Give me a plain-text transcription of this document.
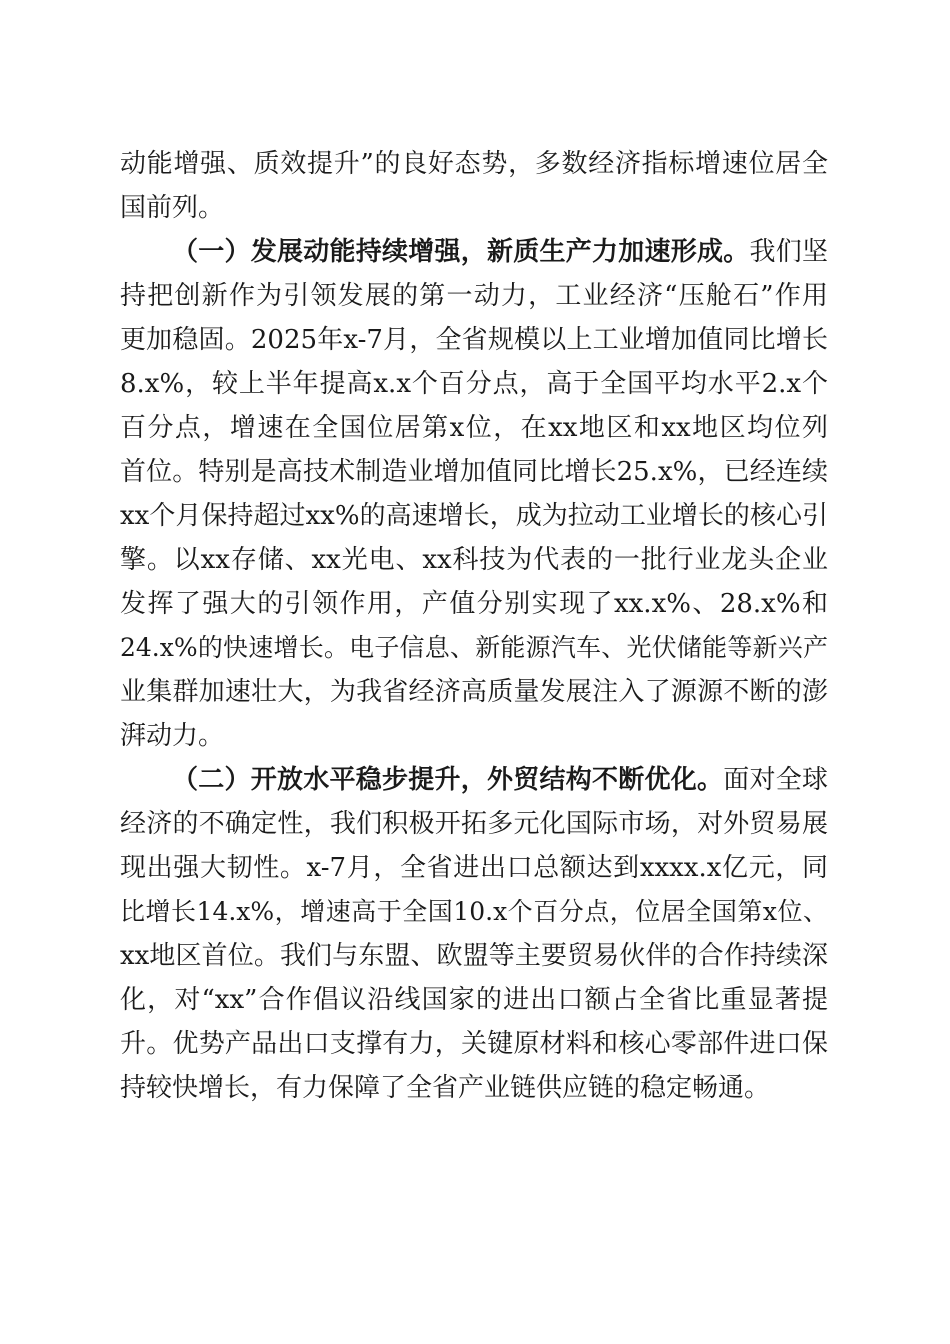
动能增强、质效提升”的良好态势，多数经济指标增速位居全
国前列。
（一）发展动能持续增强，新质生产力加速形成。我们坚
持把创新作为引领发展的第一动力，工业经济“压舱石”作用
更加稳固。2025年x-7月，全省规模以上工业增加值同比增长
8.x%，较上半年提高x.x个百分点，高于全国平均水平2.x个
百分点，增速在全国位居第x位，在xx地区和xx地区均位列
首位。特别是高技术制造业增加值同比增长25.x%，已经连续
xx个月保持超过xx%的高速增长，成为拉动工业增长的核心引
擎。以xx存储、xx光电、xx科技为代表的一批行业龙头企业
发挥了强大的引领作用，产值分别实现了xx.x%、28.x%和
24.x%的快速增长。电子信息、新能源汽车、光伏储能等新兴产
业集群加速壮大，为我省经济高质量发展注入了源源不断的澎
湃动力。
（二）开放水平稳步提升，外贸结构不断优化。面对全球
经济的不确定性，我们积极开拓多元化国际市场，对外贸易展
现出强大韧性。x-7月，全省进出口总额达到xxxx.x亿元，同
比增长14.x%，增速高于全国10.x个百分点，位居全国第x位、
xx地区首位。我们与东盟、欧盟等主要贸易伙伴的合作持续深
化，对“xx”合作倡议沿线国家的进出口额占全省比重显著提
升。优势产品出口支撑有力，关键原材料和核心零部件进口保
持较快增长，有力保障了全省产业链供应链的稳定畅通。
